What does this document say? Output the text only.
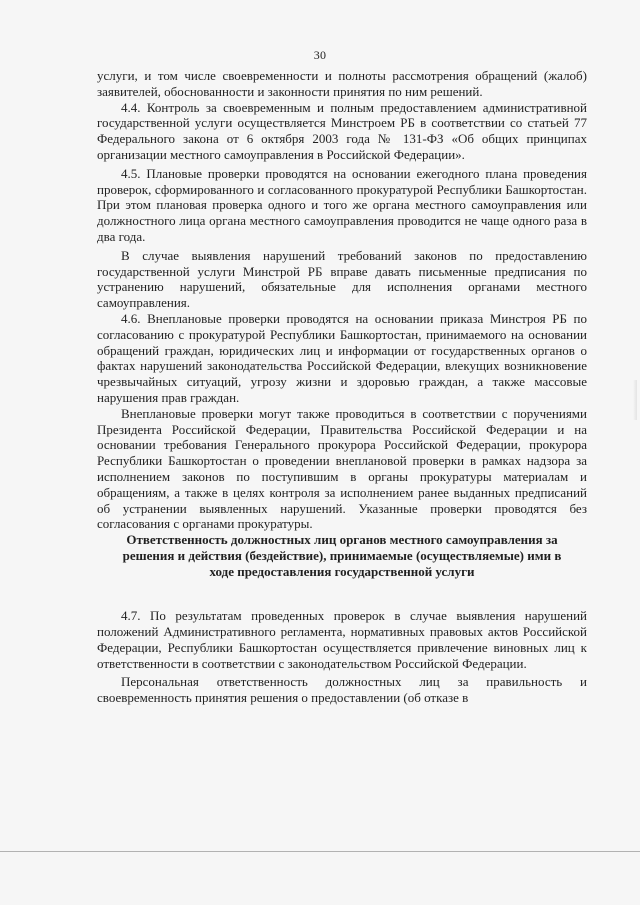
30

услуги, и том числе своевременности и полноты рассмотрения обращений (жалоб) заявителей, обоснованности и законности принятия по ним решений.

4.4. Контроль за своевременным и полным предоставлением административной государственной услуги осуществляется Минстроем РБ в соответствии со статьей 77 Федерального закона от 6 октября 2003 года № 131-ФЗ «Об общих принципах организации местного самоуправления в Российской Федерации».

4.5. Плановые проверки проводятся на основании ежегодного плана проведения проверок, сформированного и согласованного прокуратурой Республики Башкортостан. При этом плановая проверка одного и того же органа местного самоуправления или должностного лица органа местного самоуправления проводится не чаще одного раза в два года.

В случае выявления нарушений требований законов по предоставлению государственной услуги Минстрой РБ вправе давать письменные предписания по устранению нарушений, обязательные для исполнения органами местного самоуправления.

4.6. Внеплановые проверки проводятся на основании приказа Минстроя РБ по согласованию с прокуратурой Республики Башкортостан, принимаемого на основании обращений граждан, юридических лиц и информации от государственных органов о фактах нарушений законодательства Российской Федерации, влекущих возникновение чрезвычайных ситуаций, угрозу жизни и здоровью граждан, а также массовые нарушения прав граждан.

Внеплановые проверки могут также проводиться в соответствии с поручениями Президента Российской Федерации, Правительства Российской Федерации и на основании требования Генерального прокурора Российской Федерации, прокурора Республики Башкортостан о проведении внеплановой проверки в рамках надзора за исполнением законов по поступившим в органы прокуратуры материалам и обращениям, а также в целях контроля за исполнением ранее выданных предписаний об устранении выявленных нарушений. Указанные проверки проводятся без согласования с органами прокуратуры.

Ответственность должностных лиц органов местного самоуправления за решения и действия (бездействие), принимаемые (осуществляемые) ими в ходе предоставления государственной услуги

4.7. По результатам проведенных проверок в случае выявления нарушений положений Административного регламента, нормативных правовых актов Российской Федерации, Республики Башкортостан осуществляется привлечение виновных лиц к ответственности в соответствии с законодательством Российской Федерации.

Персональная ответственность должностных лиц за правильность и своевременность принятия решения о предоставлении (об отказе в
